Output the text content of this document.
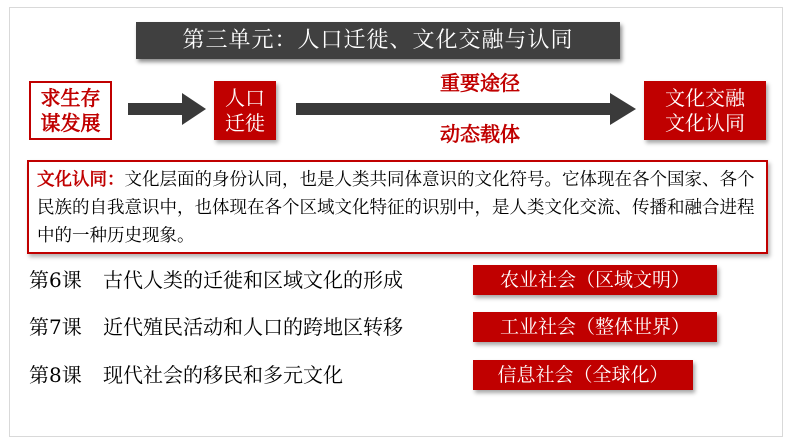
第三单元：人口迁徙、文化交融与认同
求生存
谋发展
人口
迁徙
重要途径
动态载体
文化交融
文化认同
文化认同：文化层面的身份认同，也是人类共同体意识的文化符号。它体现在各个国家、各个民族的自我意识中，也体现在各个区域文化特征的识别中，是人类文化交流、传播和融合进程中的一种历史现象。
第6课 古代人类的迁徙和区域文化的形成	农业社会（区域文明）
第7课 近代殖民活动和人口的跨地区转移	工业社会（整体世界）
第8课 现代社会的移民和多元文化	信息社会（全球化）
